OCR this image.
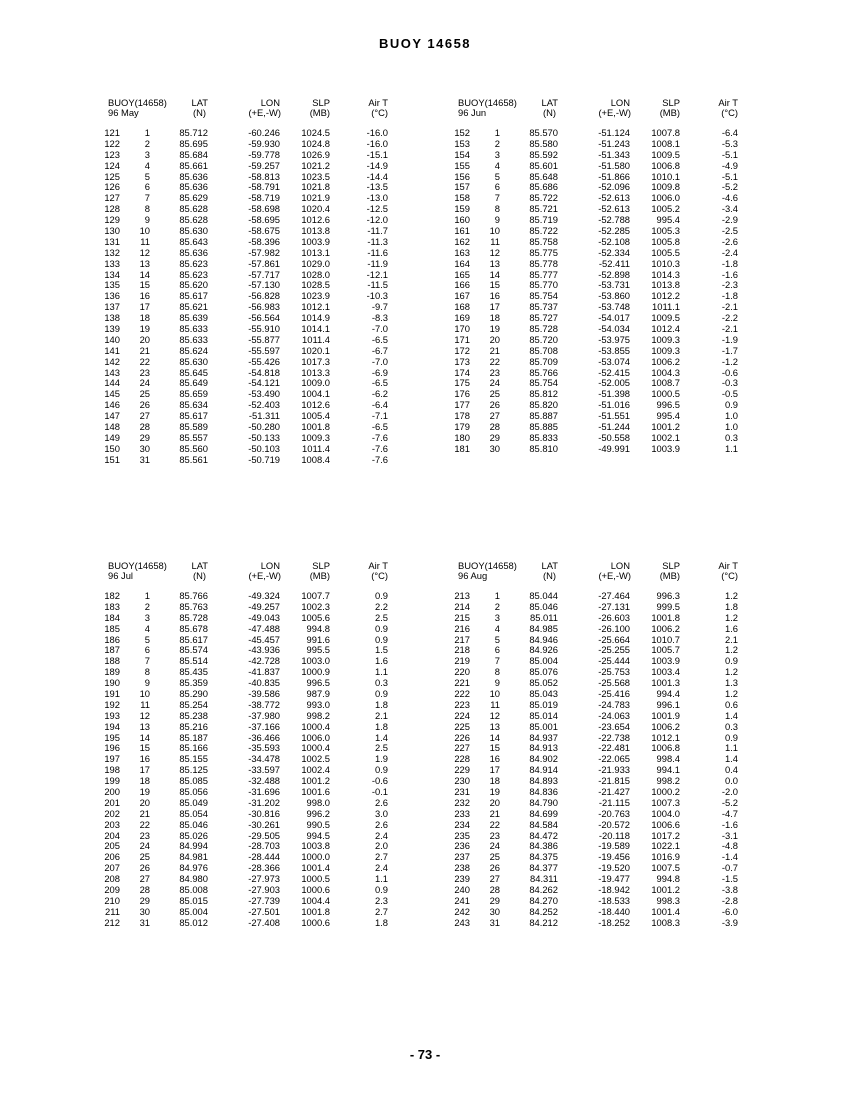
BUOY 14658
BUOY(14658)
96 May
LAT
(N)
LON
(+E,-W)
SLP
(MB)
Air T
(°C)
121	1	85.712	-60.246 1024.5	-16.0
122	2	85.695	-59.930 1024.8	-16.0
123	3	85.684	-59.778 1026.9	-15.1
124	4	85.661	-59.257 1021.2	-14.9
125	5	85.636	-58.813 1023.5	-14.4
126	6	85.636	-58.791 1021.8	-13.5
127	7	85.629	-58.719 1021.9	-13.0
128	8	85.628	-58.698 1020.4	-12.5
129	9	85.628	-58.695 1012.6	-12.0
130 10	85.630	-58.675 1013.8	-11.7
131 11	85.643	-58.396 1003.9	-11.3
132 12	85.636	-57.982 1013.1	-11.6
133 13	85.623	-57.861 1029.0	-11.9
134 14	85.623	-57.717 1028.0	-12.1
135 15	85.620	-57.130 1028.5	-11.5
136 16	85.617	-56.828 1023.9	-10.3
137 17	85.621	-56.983 1012.1	-9.7
138 18	85.639	-56.564 1014.9	-8.3
139 19	85.633	-55.910 1014.1	-7.0
140 20	85.633	-55.877 1011.4	-6.5
141 21	85.624	-55.597 1020.1	-6.7
142 22	85.630	-55.426 1017.3	-7.0
143 23	85.645	-54.818 1013.3	-6.9
144 24	85.649	-54.121 1009.0	-6.5
145 25	85.659	-53.490 1004.1	-6.2
146 26	85.634	-52.403 1012.6	-6.4
147 27	85.617	-51.311 1005.4	-7.1
148 28	85.589	-50.280 1001.8	-6.5
149 29	85.557	-50.133 1009.3	-7.6
150 30	85.560	-50.103 1011.4	-7.6
151 31	85.561	-50.719 1008.4	-7.6
BUOY(14658)
96 Jun
LAT
(N)
LON
(+E,-W)
SLP
(MB)
Air T
(°C)
152	1	85.570	-51.124 1007.8	-6.4
153	2	85.580	-51.243 1008.1	-5.3
154	3	85.592	-51.343 1009.5	-5.1
155	4	85.601	-51.580 1006.8	-4.9
156	5	85.648	-51.866 1010.1	-5.1
157	6	85.686	-52.096 1009.8	-5.2
158	7	85.722	-52.613 1006.0	-4.6
159	8	85.721	-52.613 1005.2	-3.4
160	9	85.719	-52.788	995.4	-2.9
161 10	85.722	-52.285 1005.3	-2.5
162 11	85.758	-52.108 1005.8	-2.6
163 12	85.775	-52.334 1005.5	-2.4
164 13	85.778	-52.411 1010.3	-1.8
165 14	85.777	-52.898 1014.3	-1.6
166 15	85.770	-53.731 1013.8	-2.3
167 16	85.754	-53.860 1012.2	-1.8
168 17	85.737	-53.748 1011.1	-2.1
169 18	85.727	-54.017 1009.5	-2.2
170 19	85.728	-54.034 1012.4	-2.1
171 20	85.720	-53.975 1009.3	-1.9
172 21	85.708	-53.855 1009.3	-1.7
173 22	85.709	-53.074 1006.2	-1.2
174 23	85.766	-52.415 1004.3	-0.6
175 24	85.754	-52.005 1008.7	-0.3
176 25	85.812	-51.398 1000.5	-0.5
177 26	85.820	-51.016	996.5	0.9
178 27	85.887	-51.551	995.4	1.0
179 28	85.885	-51.244 1001.2	1.0
180 29	85.833	-50.558 1002.1	0.3
181 30	85.810	-49.991 1003.9	1.1
BUOY(14658)
96 Jul
LAT
(N)
LON
(+E,-W)
SLP
(MB)
Air T
(°C)
182	1	85.766	-49.324 1007.7	0.9
183	2	85.763	-49.257 1002.3	2.2
184	3	85.728	-49.043 1005.6	2.5
185	4	85.678	-47.488	994.8	0.9
186	5	85.617	-45.457	991.6	0.9
187	6	85.574	-43.936	995.5	1.5
188	7	85.514	-42.728 1003.0	1.6
189	8	85.435	-41.837 1000.9	1.1
190	9	85.359	-40.835	996.5	0.3
191 10	85.290	-39.586	987.9	0.9
192 11	85.254	-38.772	993.0	1.8
193 12	85.238	-37.980	998.2	2.1
194 13	85.216	-37.166 1000.4	1.8
195 14	85.187	-36.466 1006.0	1.4
196 15	85.166	-35.593 1000.4	2.5
197 16	85.155	-34.478 1002.5	1.9
198 17	85.125	-33.597 1002.4	0.9
199 18	85.085	-32.488 1001.2	-0.6
200 19	85.056	-31.696 1001.6	-0.1
201 20	85.049	-31.202	998.0	2.6
202 21	85.054	-30.816	996.2	3.0
203 22	85.046	-30.261	990.5	2.6
204 23	85.026	-29.505	994.5	2.4
205 24	84.994	-28.703 1003.8	2.0
206 25	84.981	-28.444 1000.0	2.7
207 26	84.976	-28.366 1001.4	2.4
208 27	84.980	-27.973 1000.5	1.1
209 28	85.008	-27.903 1000.6	0.9
210 29	85.015	-27.739 1004.4	2.3
211 30	85.004	-27.501 1001.8	2.7
212 31	85.012	-27.408 1000.6	1.8
BUOY(14658)
96 Aug
LAT
(N)
LON
(+E,-W)
SLP
(MB)
Air T
(°C)
213	1	85.044	-27.464	996.3	1.2
214	2	85.046	-27.131	999.5	1.8
215	3	85.011	-26.603 1001.8	1.2
216	4	84.985	-26.100 1006.2	1.6
217	5	84.946	-25.664 1010.7	2.1
218	6	84.926	-25.255 1005.7	1.2
219	7	85.004	-25.444 1003.9	0.9
220	8	85.076	-25.753 1003.4	1.2
221	9	85.052	-25.568 1001.3	1.3
222 10	85.043	-25.416	994.4	1.2
223 11	85.019	-24.783	996.1	0.6
224 12	85.014	-24.063 1001.9	1.4
225 13	85.001	-23.654 1006.2	0.3
226 14	84.937	-22.738 1012.1	0.9
227 15	84.913	-22.481 1006.8	1.1
228 16	84.902	-22.065	998.4	1.4
229 17	84.914	-21.933	994.1	0.4
230 18	84.893	-21.815	998.2	0.0
231 19	84.836	-21.427 1000.2	-2.0
232 20	84.790	-21.115 1007.3	-5.2
233 21	84.699	-20.763 1004.0	-4.7
234 22	84.584	-20.572 1006.6	-1.6
235 23	84.472	-20.118 1017.2	-3.1
236 24	84.386	-19.589 1022.1	-4.8
237 25	84.375	-19.456 1016.9	-1.4
238 26	84.377	-19.520 1007.5	-0.7
239 27	84.311	-19.477	994.8	-1.5
240 28	84.262	-18.942 1001.2	-3.8
241 29	84.270	-18.533	998.3	-2.8
242 30	84.252	-18.440 1001.4	-6.0
243 31	84.212	-18.252 1008.3	-3.9
- 73 -
